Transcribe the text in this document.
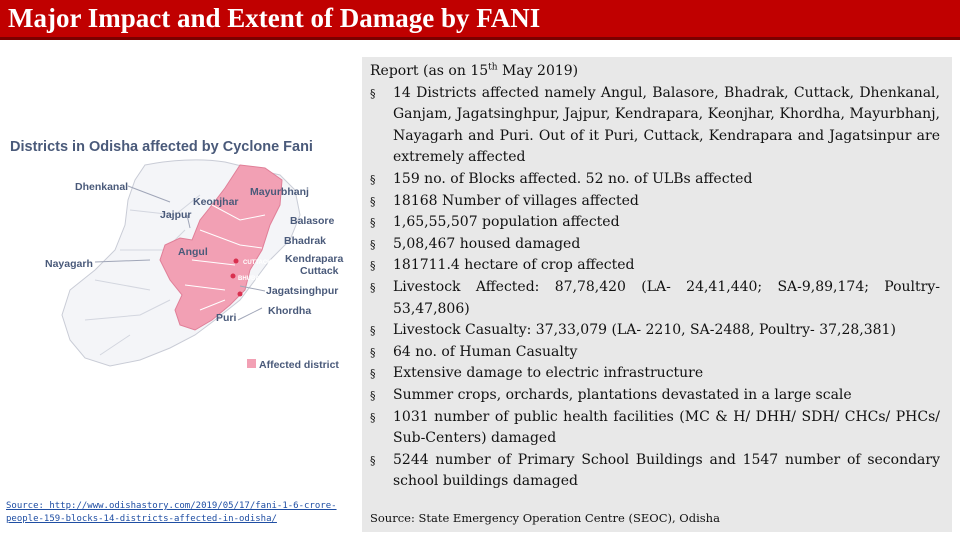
Major Impact and Extent of Damage by FANI
Districts in Odisha affected by Cyclone Fani
Dhenkanal
Keonjhar
Mayurbhanj
Jajpur	Balasore
Bhadrak
Angul
Kendrapara
Cuttack
Nayagarh	CUTTACK
BHUBANESHWAR
Jagatsinghpur
PURI
Khordha
Puri
Affected district
Source: http://www.odishastory.com/2019/05/17/fani-1-6-crore-people-159-blocks-14-districts-affected-in-odisha/
Report (as on 15th May 2019)
§ 14 Districts affected namely Angul, Balasore, Bhadrak, Cuttack, Dhenkanal, Ganjam, Jagatsinghpur, Jajpur, Kendrapara, Keonjhar, Khordha, Mayurbhanj, Nayagarh and Puri. Out of it Puri, Cuttack, Kendrapara and Jagatsinpur are extremely affected
§ 159 no. of Blocks affected. 52 no. of ULBs affected
§ 18168 Number of villages affected
§ 1,65,55,507 population affected
§ 5,08,467 housed damaged
§ 181711.4 hectare of crop affected
§ Livestock Affected: 87,78,420 (LA- 24,41,440; SA-9,89,174; Poultry-53,47,806)
§ Livestock Casualty: 37,33,079 (LA- 2210, SA-2488, Poultry- 37,28,381)
§ 64 no. of Human Casualty
§ Extensive damage to electric infrastructure
§ Summer crops, orchards, plantations devastated in a large scale
§ 1031 number of public health facilities (MC & H/ DHH/ SDH/ CHCs/ PHCs/ Sub-Centers) damaged
§ 5244 number of Primary School Buildings and 1547 number of secondary school buildings damaged
Source: State Emergency Operation Centre (SEOC), Odisha
